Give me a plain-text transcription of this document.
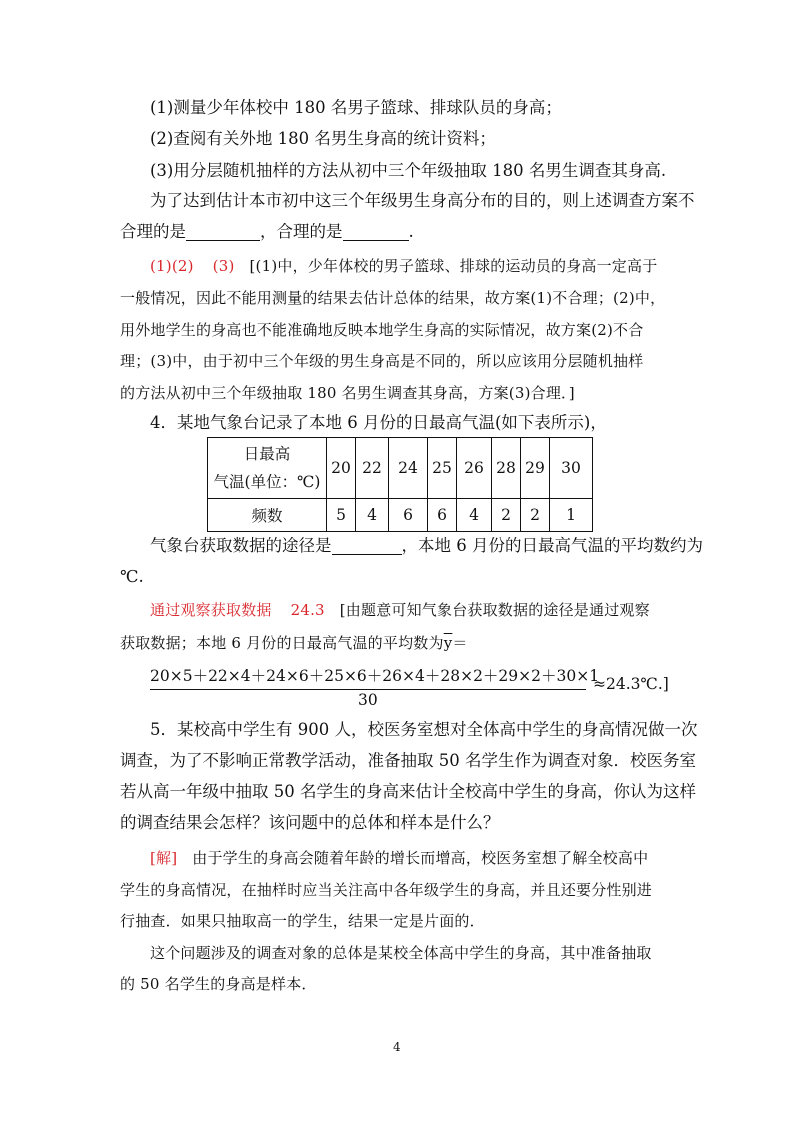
(1)测量少年体校中 180 名男子篮球、排球队员的身高；
(2)查阅有关外地 180 名男生身高的统计资料；
(3)用分层随机抽样的方法从初中三个年级抽取 180 名男生调查其身高.
为了达到估计本市初中这三个年级男生身高分布的目的，则上述调查方案不
合理的是	，合理的是	.
(1)(2) (3) [(1)中，少年体校的男子篮球、排球的运动员的身高一定高于
一般情况，因此不能用测量的结果去估计总体的结果，故方案(1)不合理；(2)中，
用外地学生的身高也不能准确地反映本地学生身高的实际情况，故方案(2)不合
理；(3)中，由于初中三个年级的男生身高是不同的，所以应该用分层随机抽样
的方法从初中三个年级抽取 180 名男生调查其身高，方案(3)合理．]
4．某地气象台记录了本地 6 月份的日最高气温(如下表所示)，
日最高
气温(单位：℃)	20	22	24	25	26	28	29	30
频数	5	4	6	6	4	2	2	1
气象台获取数据的途径是	，本地 6 月份的日最高气温的平均数约为
℃.
通过观察获取数据 24.3 [由题意可知气象台获取数据的途径是通过观察
获取数据；本地 6 月份的日最高气温的平均数为$\overline{y}=$
20×5＋22×4＋24×6＋25×6＋26×4＋28×2＋29×2＋30×1
30
≈24.3℃.]
5．某校高中学生有 900 人，校医务室想对全体高中学生的身高情况做一次
调查，为了不影响正常教学活动，准备抽取 50 名学生作为调查对象．校医务室
若从高一年级中抽取 50 名学生的身高来估计全校高中学生的身高，你认为这样
的调查结果会怎样？该问题中的总体和样本是什么？
[解] 由于学生的身高会随着年龄的增长而增高，校医务室想了解全校高中
学生的身高情况，在抽样时应当关注高中各年级学生的身高，并且还要分性别进
行抽查．如果只抽取高一的学生，结果一定是片面的．
这个问题涉及的调查对象的总体是某校全体高中学生的身高，其中准备抽取
的 50 名学生的身高是样本．
4
